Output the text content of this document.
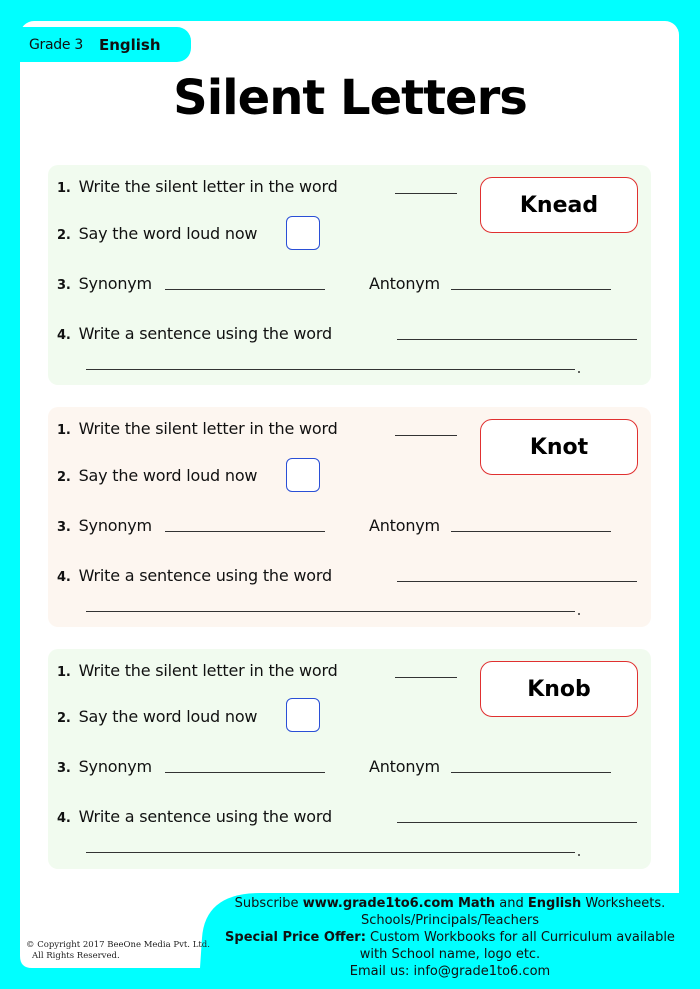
Grade 3 English
Silent Letters
1. Write the silent letter in the word
Knead
2. Say the word loud now
3. Synonym	Antonym
4. Write a sentence using the word
1. Write the silent letter in the word
Knot
2. Say the word loud now
3. Synonym	Antonym
4. Write a sentence using the word
1. Write the silent letter in the word
Knob
2. Say the word loud now
3. Synonym	Antonym
4. Write a sentence using the word
© Copyright 2017 BeeOne Media Pvt. Ltd.
All Rights Reserved.
Subscribe www.grade1to6.com Math and English Worksheets.
Schools/Principals/Teachers
Special Price Offer: Custom Workbooks for all Curriculum available
with School name, logo etc.
Email us: info@grade1to6.com
